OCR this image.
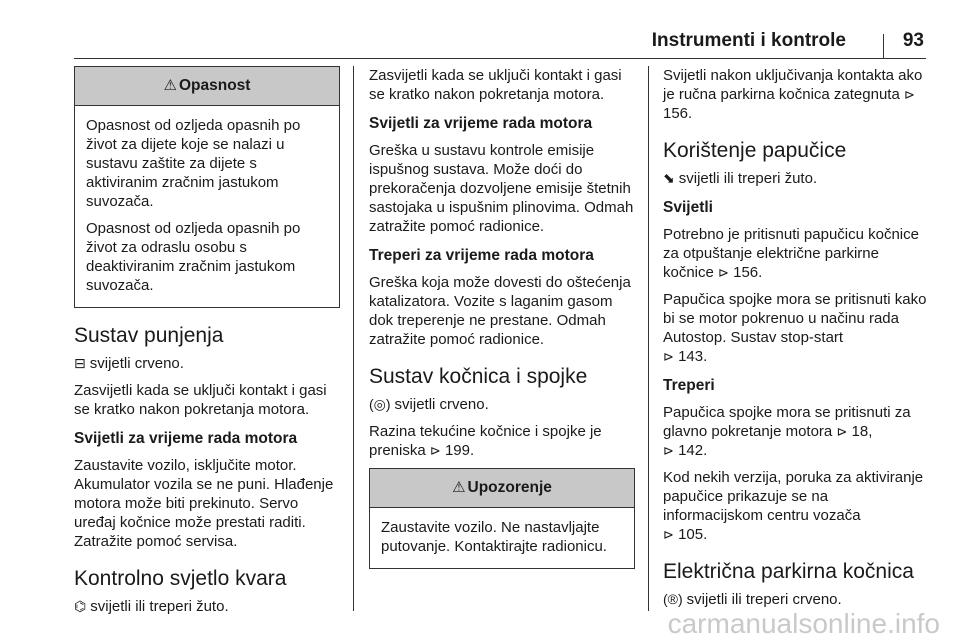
Instrumenti i kontrole	93
⚠ Opasnost

Opasnost od ozljeda opasnih po život za dijete koje se nalazi u sustavu zaštite za dijete s aktiviranim zračnim jastukom suvozača.

Opasnost od ozljeda opasnih po život za odraslu osobu s deaktiviranim zračnim jastukom suvozača.

Sustav punjenja

⊟ svijetli crveno.

Zasvijetli kada se uključi kontakt i gasi se kratko nakon pokretanja motora.

Svijetli za vrijeme rada motora

Zaustavite vozilo, isključite motor. Akumulator vozila se ne puni. Hlađenje motora može biti prekinuto. Servo uređaj kočnice može prestati raditi. Zatražite pomoć servisa.

Kontrolno svjetlo kvara

⌬ svijetli ili treperi žuto.

Zasvijetli kada se uključi kontakt i gasi se kratko nakon pokretanja motora.

Svijetli za vrijeme rada motora

Greška u sustavu kontrole emisije ispušnog sustava. Može doći do prekoračenja dozvoljene emisije štetnih sastojaka u ispušnim plinovima. Odmah zatražite pomoć radionice.

Treperi za vrijeme rada motora

Greška koja može dovesti do oštećenja katalizatora. Vozite s laganim gasom dok treperenje ne prestane. Odmah zatražite pomoć radionice.

Sustav kočnica i spojke

(◎) svijetli crveno.

Razina tekućine kočnice i spojke je preniska ⊳ 199.

⚠ Upozorenje

Zaustavite vozilo. Ne nastavljajte putovanje. Kontaktirajte radionicu.

Svijetli nakon uključivanja kontakta ako je ručna parkirna kočnica zategnuta ⊳ 156.

Korištenje papučice

⬊ svijetli ili treperi žuto.

Svijetli

Potrebno je pritisnuti papučicu kočnice za otpuštanje električne parkirne kočnice ⊳ 156.

Papučica spojke mora se pritisnuti kako bi se motor pokrenuo u načinu rada Autostop. Sustav stop-start
⊳ 143.

Treperi

Papučica spojke mora se pritisnuti za glavno pokretanje motora ⊳ 18,
⊳ 142.

Kod nekih verzija, poruka za aktiviranje papučice prikazuje se na informacijskom centru vozača
⊳ 105.

Električna parkirna kočnica

(®) svijetli ili treperi crveno.

carmanualsonline.info
